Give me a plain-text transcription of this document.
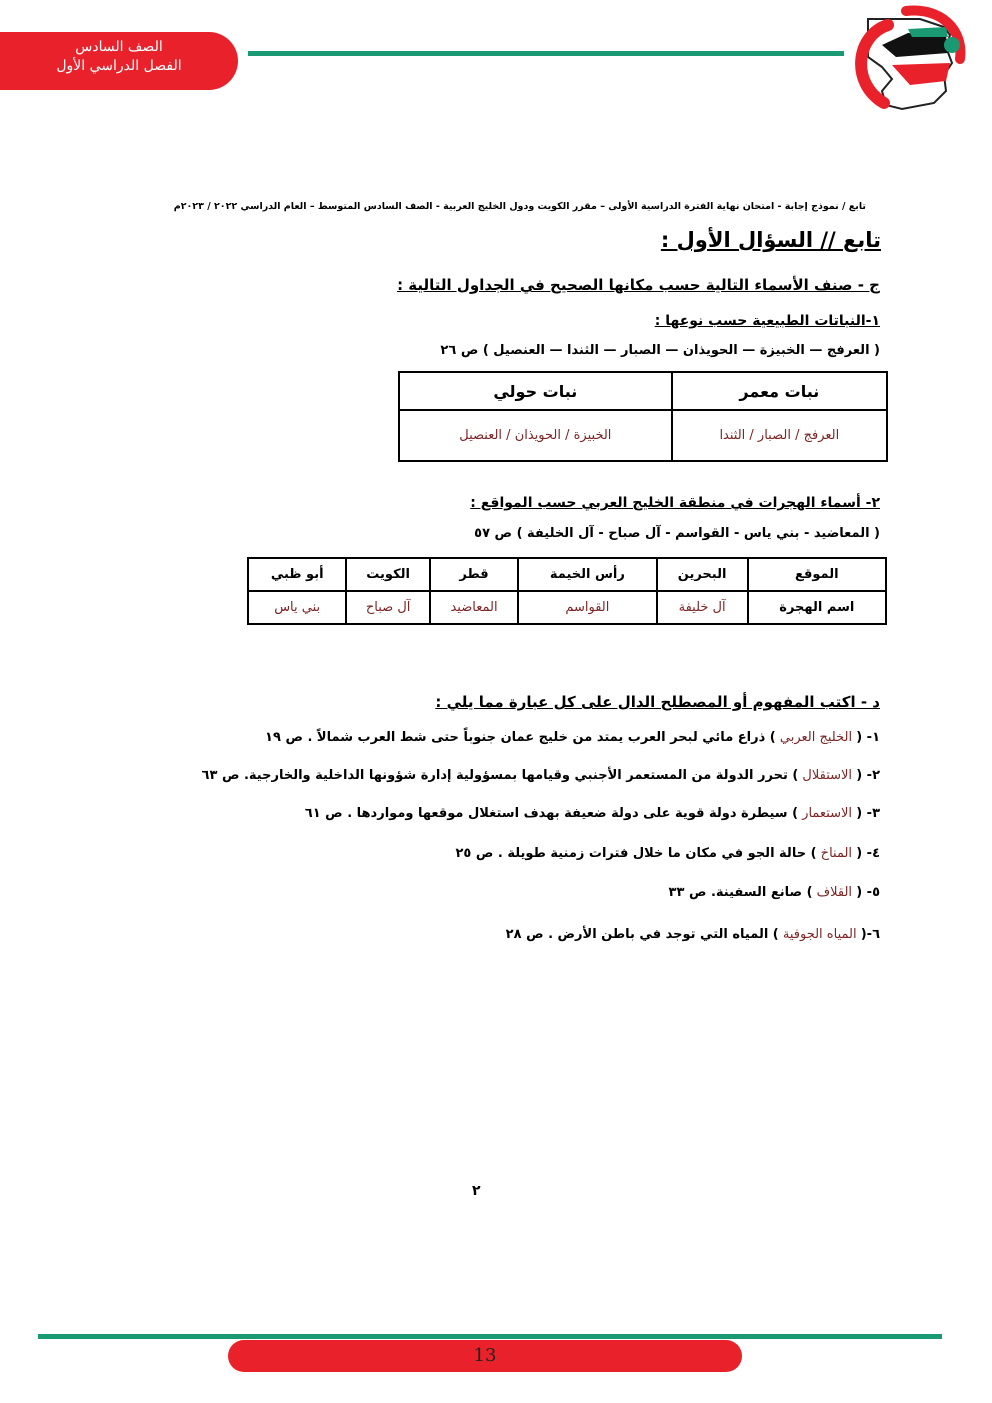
الصف السادس
الفصل الدراسي الأول
تابع / نموذج إجابة - امتحان نهاية الفترة الدراسية الأولى – مقرر الكويت ودول الخليج العربية - الصف السادس المتوسط – العام الدراسي ٢٠٢٢ / ٢٠٢٣م
تابع // السؤال الأول :
ج - صنف الأسماء التالية حسب مكانها الصحيح في الجداول التالية :
١-النباتات الطبيعية حسب نوعها :
( العرفج — الخبيزة — الحويذان — الصبار — الثندا — العنصيل ) ص ٢٦
نبات معمر	نبات حولي
العرفج / الصبار / الثندا	الخبيزة / الحويذان / العنصيل
٢- أسماء الهجرات في منطقة الخليج العربي حسب المواقع :
( المعاضيد - بني ياس - القواسم - آل صباح - آل الخليفة ) ص ٥٧
الموقع	البحرين	رأس الخيمة	قطر	الكويت	أبو ظبي
اسم الهجرة	آل خليفة	القواسم	المعاضيد	آل صباح	بني ياس
د - اكتب المفهوم أو المصطلح الدال على كل عبارة مما يلي :
١- ( الخليج العربي ) ذراع مائي لبحر العرب يمتد من خليج عمان جنوباً حتى شط العرب شمالاً . ص ١٩
٢- ( الاستقلال ) تحرر الدولة من المستعمر الأجنبي وقيامها بمسؤولية إدارة شؤونها الداخلية والخارجية. ص ٦٣
٣- ( الاستعمار ) سيطرة دولة قوية على دولة ضعيفة بهدف استغلال موقعها ومواردها . ص ٦١
٤- ( المناخ ) حالة الجو في مكان ما خلال فترات زمنية طويلة . ص ٢٥
٥- ( القلاف ) صانع السفينة. ص ٣٣
٦-( المياه الجوفية ) المياه التي توجد في باطن الأرض . ص ٢٨
٢
13
